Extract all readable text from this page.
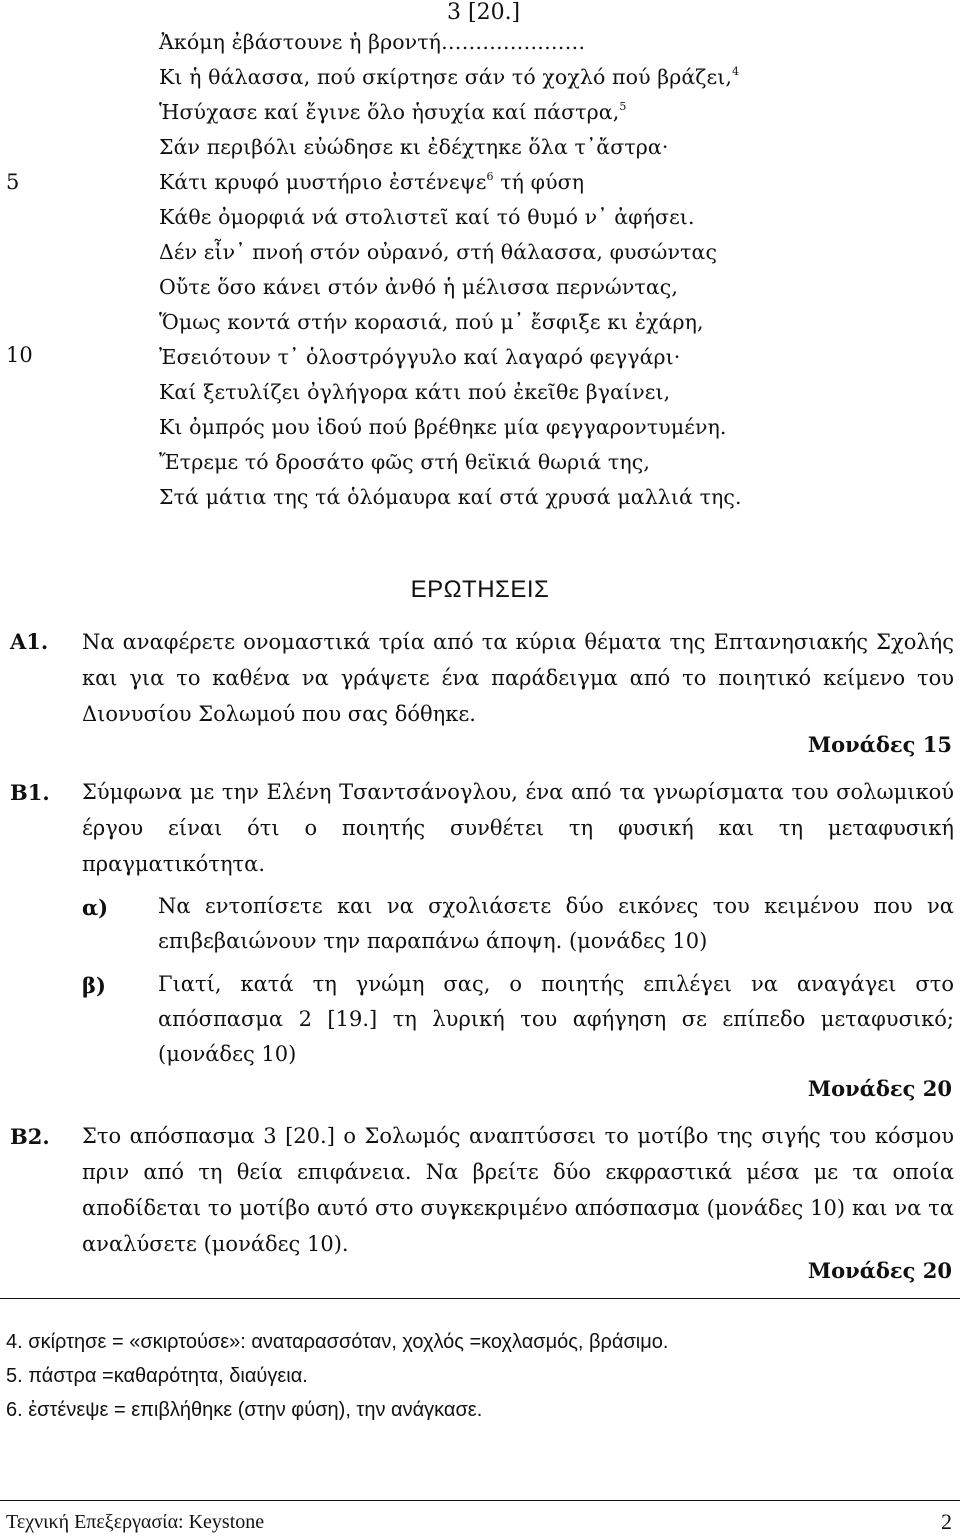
3 [20.]
Ἀκόμη ἐβάστουνε ἡ βροντή…………………
Κι ἡ θάλασσα, πού σκίρτησε σάν τό χοχλό πού βράζει,$^4$
Ἡσύχασε καί ἔγινε ὅλο ἡσυχία καί πάστρα,$^5$
Σάν περιβόλι εὐώδησε κι ἐδέχτηκε ὅλα τ᾽ἄστρα·
5	Κάτι κρυφό μυστήριο ἐστένεψε$^6$ τή φύση
Κάθε ὀμορφιά νά στολιστεῖ καί τό θυμό ν᾽ ἀφήσει.
Δέν εἶν᾽ πνοή στόν οὐρανό, στή θάλασσα, φυσώντας
Οὔτε ὅσο κάνει στόν ἀνθό ἡ μέλισσα περνώντας,
Ὅμως κοντά στήν κορασιά, πού μ᾽ ἔσφιξε κι ἐχάρη,
10	Ἐσειότουν τ᾽ ὁλοστρόγγυλο καί λαγαρό φεγγάρι·
Καί ξετυλίζει ὀγλήγορα κάτι πού ἐκεῖθε βγαίνει,
Κι ὀμπρός μου ἰδού πού βρέθηκε μία φεγγαροντυμένη.
Ἔτρεμε τό δροσάτο φῶς στή θεϊκιά θωριά της,
Στά μάτια της τά ὁλόμαυρα καί στά χρυσά μαλλιά της.
ΕΡΩΤΗΣΕΙΣ
Α1. Να αναφέρετε ονομαστικά τρία από τα κύρια θέματα της Επτανησιακής Σχολής και για το καθένα να γράψετε ένα παράδειγμα από το ποιητικό κείμενο του Διονυσίου Σολωμού που σας δόθηκε.
Μονάδες 15
Β1. Σύμφωνα με την Ελένη Τσαντσάνογλου, ένα από τα γνωρίσματα του σολωμικού έργου είναι ότι ο ποιητής συνθέτει τη φυσική και τη μεταφυσική πραγματικότητα.
α) Να εντοπίσετε και να σχολιάσετε δύο εικόνες του κειμένου που να επιβεβαιώνουν την παραπάνω άποψη. (μονάδες 10)
β) Γιατί, κατά τη γνώμη σας, ο ποιητής επιλέγει να αναγάγει στο απόσπασμα 2 [19.] τη λυρική του αφήγηση σε επίπεδο μεταφυσικό; (μονάδες 10)
Μονάδες 20
Β2. Στο απόσπασμα 3 [20.] ο Σολωμός αναπτύσσει το μοτίβο της σιγής του κόσμου πριν από τη θεία επιφάνεια. Να βρείτε δύο εκφραστικά μέσα με τα οποία αποδίδεται το μοτίβο αυτό στο συγκεκριμένο απόσπασμα (μονάδες 10) και να τα αναλύσετε (μονάδες 10).
Μονάδες 20
4. σκίρτησε = «σκιρτούσε»: αναταρασσόταν, χοχλός =κοχλασμός, βράσιμο.
5. πάστρα =καθαρότητα, διαύγεια.
6. ἐστένεψε = επιβλήθηκε (στην φύση), την ανάγκασε.
Τεχνική Επεξεργασία: Keystone	2
